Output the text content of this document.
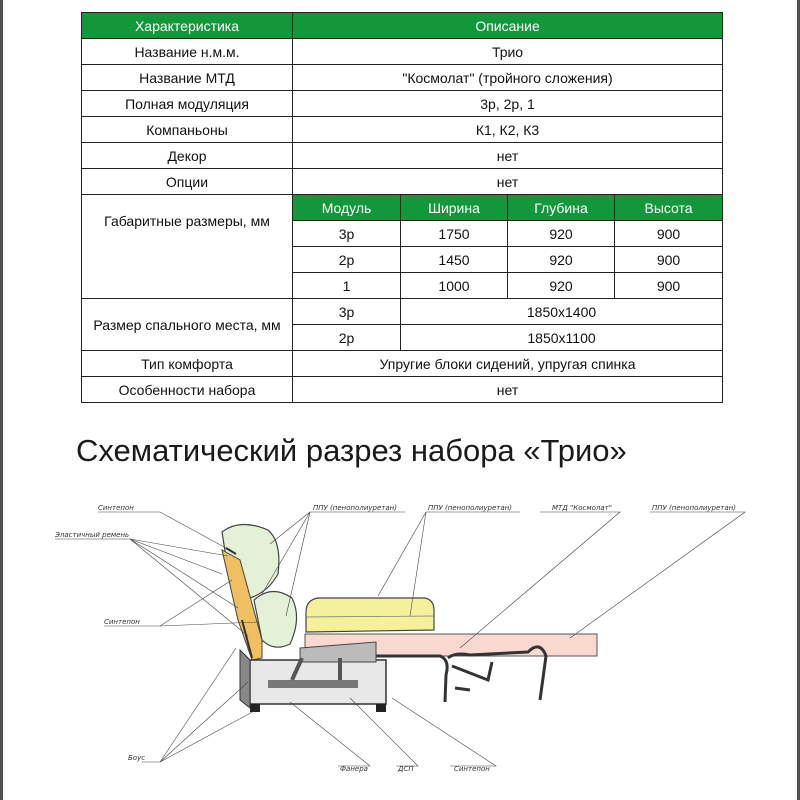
Характеристика	Описание			
Название н.м.м.	Трио			
Название МТД	"Космолат" (тройного сложения)			
Полная модуляция	3р, 2р, 1			
Компаньоны	К1, К2, К3			
Декор	нет			
Опции	нет			
Габаритные размеры, мм	Модуль	Ширина	Глубина	Высота
	3р	1750	920	900
	2р	1450	920	900
	1	1000	920	900
Размер спального места, мм	3р	1850х1400		
	2р	1850х1100		
Тип комфорта	Упругие блоки сидений, упругая спинка			
Особенности набора	нет			
Схематический разрез набора «Трио»
Синтепон
Эластичный ремень
Синтепон
Боус
ППУ (пенополиуретан)	ППУ (пенополиуретан)	МТД "Космолат"	ППУ (пенополиуретан)
Фанера	ДСП	Синтепон
